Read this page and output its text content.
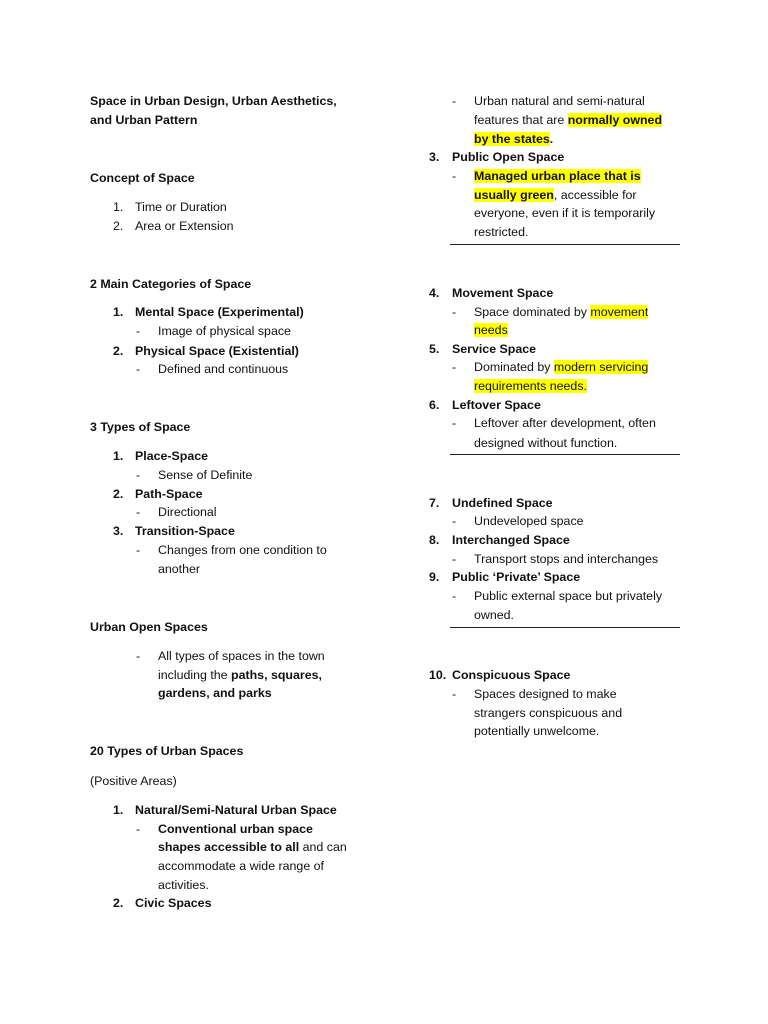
Space in Urban Design, Urban Aesthetics,
and Urban Pattern
Concept of Space
1. Time or Duration
2. Area or Extension
2 Main Categories of Space
1. Mental Space (Experimental)
- Image of physical space
2. Physical Space (Existential)
- Defined and continuous
3 Types of Space
1. Place-Space
- Sense of Definite
2. Path-Space
- Directional
3. Transition-Space
- Changes from one condition to
another
Urban Open Spaces
- All types of spaces in the town
including the paths, squares,
gardens, and parks
20 Types of Urban Spaces
(Positive Areas)
1. Natural/Semi-Natural Urban Space
- Conventional urban space
shapes accessible to all and can
accommodate a wide range of
activities.
2. Civic Spaces
- Urban natural and semi-natural
features that are normally owned
by the states.
3. Public Open Space
- Managed urban place that is
usually green, accessible for
everyone, even if it is temporarily
restricted.
4. Movement Space
- Space dominated by movement
needs
5. Service Space
- Dominated by modern servicing
requirements needs.
6. Leftover Space
- Leftover after development, often
designed without function.
7. Undefined Space
- Undeveloped space
8. Interchanged Space
- Transport stops and interchanges
9. Public ‘Private’ Space
- Public external space but privately
owned.
10. Conspicuous Space
- Spaces designed to make
strangers conspicuous and
potentially unwelcome.
